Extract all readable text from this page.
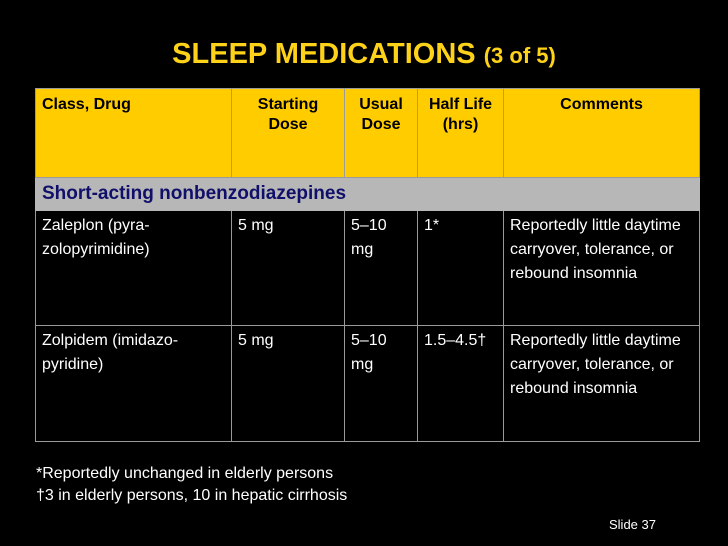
SLEEP MEDICATIONS (3 of 5)
Class, Drug	Starting Dose	Usual Dose	Half Life (hrs)	Comments
Short-acting nonbenzodiazepines				
Zaleplon (pyra-zolopyrimidine)	5 mg	5–10 mg	1*	Reportedly little daytime carryover, tolerance, or rebound insomnia
Zolpidem (imidazo-pyridine)	5 mg	5–10 mg	1.5–4.5†	Reportedly little daytime carryover, tolerance, or rebound insomnia
*Reportedly unchanged in elderly persons
†3 in elderly persons, 10 in hepatic cirrhosis
Slide 37
